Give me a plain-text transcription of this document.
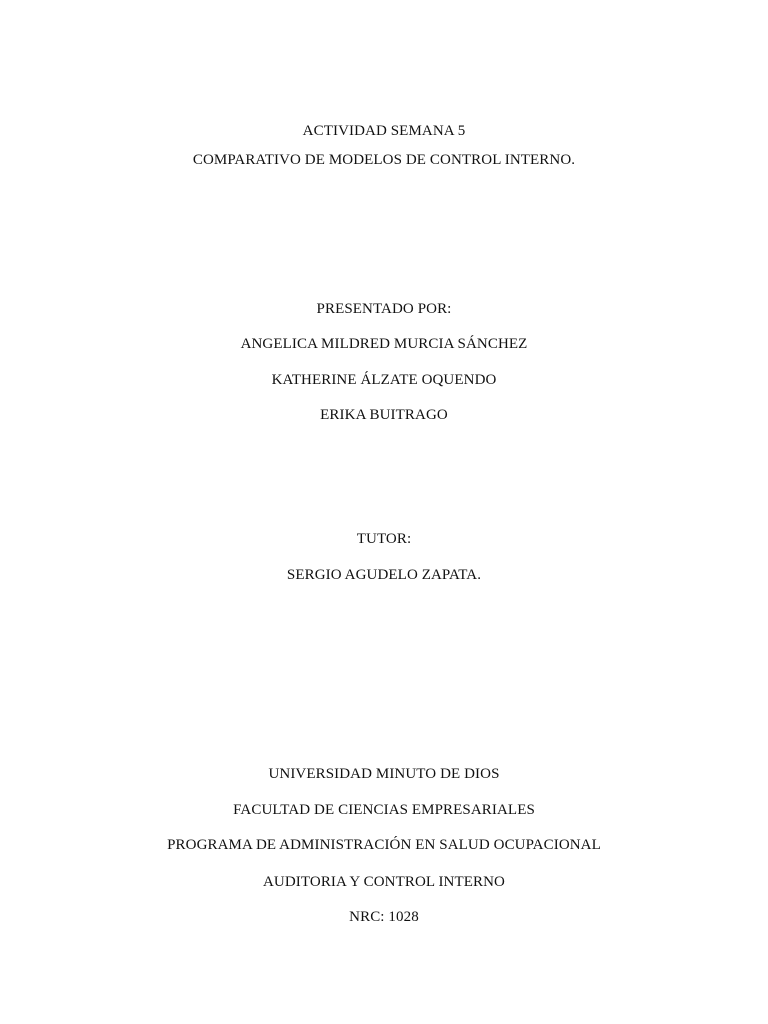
ACTIVIDAD SEMANA 5
COMPARATIVO DE MODELOS DE CONTROL INTERNO.
PRESENTADO POR:
ANGELICA MILDRED MURCIA SÁNCHEZ
KATHERINE ÁLZATE OQUENDO
ERIKA BUITRAGO
TUTOR:
SERGIO AGUDELO ZAPATA.
UNIVERSIDAD MINUTO DE DIOS
FACULTAD DE CIENCIAS EMPRESARIALES
PROGRAMA DE ADMINISTRACIÓN EN SALUD OCUPACIONAL
AUDITORIA Y CONTROL INTERNO
NRC: 1028
